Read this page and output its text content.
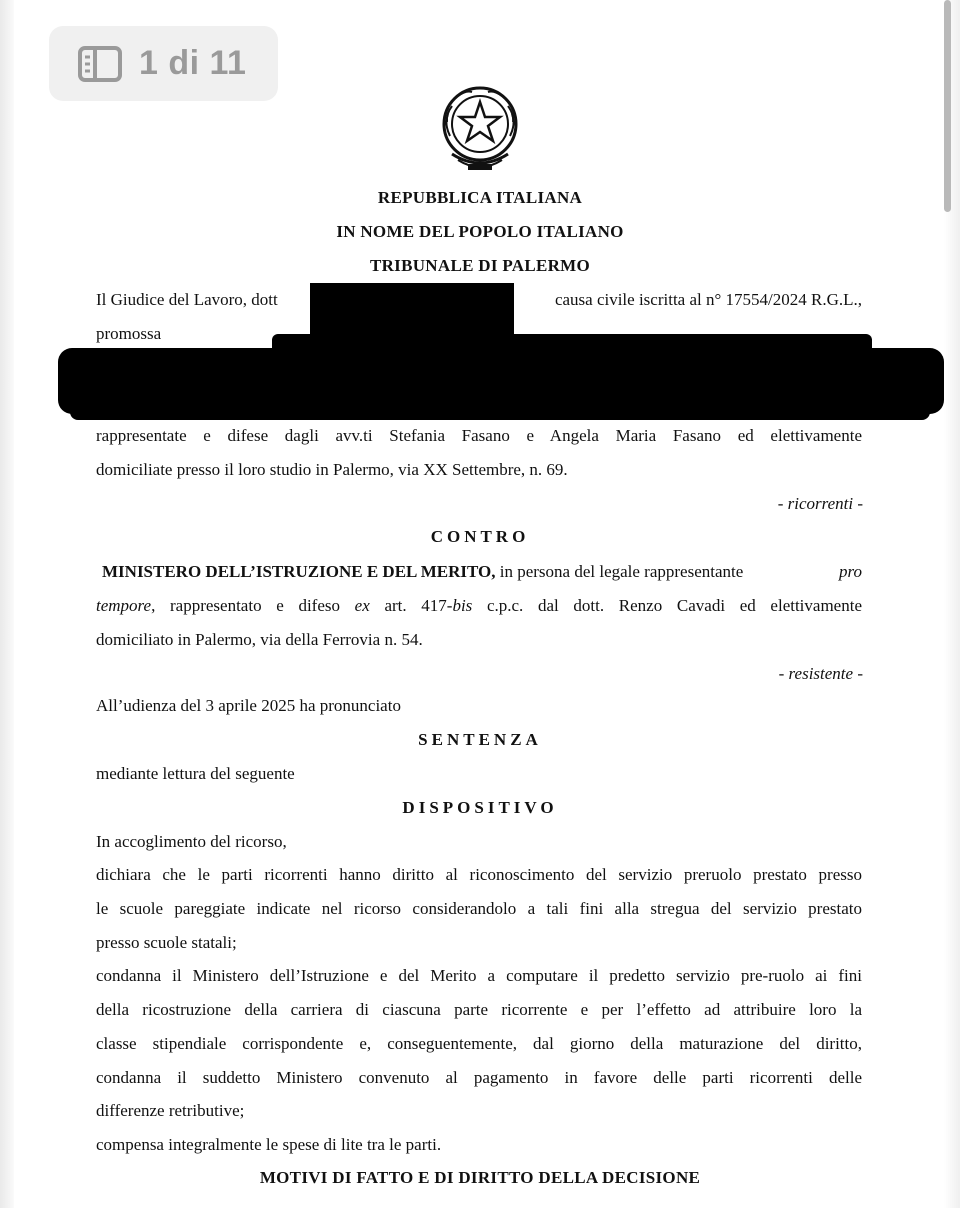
1 di 11
REPUBBLICA ITALIANA
IN NOME DEL POPOLO ITALIANO
TRIBUNALE DI PALERMO
Il Giudice del Lavoro, dott	causa civile iscritta al n° 17554/2024 R.G.L.,
promossa
rappresentate e difese dagli avv.ti Stefania Fasano e Angela Maria Fasano ed elettivamente
domiciliate presso il loro studio in Palermo, via XX Settembre, n. 69.
- ricorrenti -
CONTRO
MINISTERO DELL’ISTRUZIONE E DEL MERITO, in persona del legale rappresentante	pro
tempore, rappresentato e difeso ex art. 417-bis c.p.c. dal dott. Renzo Cavadi ed elettivamente
domiciliato in Palermo, via della Ferrovia n. 54.
- resistente -
All’udienza del 3 aprile 2025 ha pronunciato
SENTENZA
mediante lettura del seguente
DISPOSITIVO
In accoglimento del ricorso,
dichiara che le parti ricorrenti hanno diritto al riconoscimento del servizio preruolo prestato presso
le scuole pareggiate indicate nel ricorso considerandolo a tali fini alla stregua del servizio prestato
presso scuole statali;
condanna il Ministero dell’Istruzione e del Merito a computare il predetto servizio pre-ruolo ai fini
della ricostruzione della carriera di ciascuna parte ricorrente e per l’effetto ad attribuire loro la
classe stipendiale corrispondente e, conseguentemente, dal giorno della maturazione del diritto,
condanna il suddetto Ministero convenuto al pagamento in favore delle parti ricorrenti delle
differenze retributive;
compensa integralmente le spese di lite tra le parti.
MOTIVI DI FATTO E DI DIRITTO DELLA DECISIONE
